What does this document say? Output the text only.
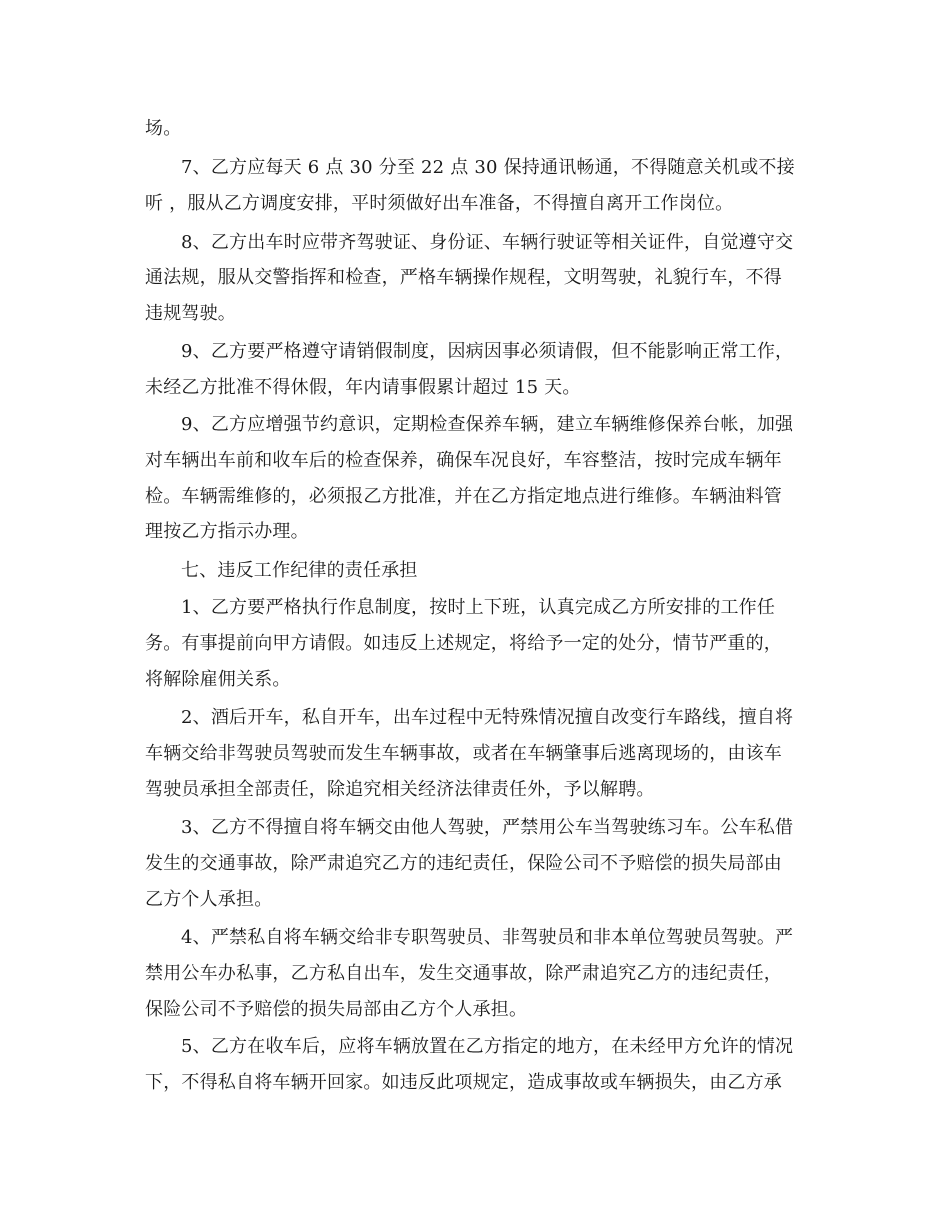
场。
7、乙方应每天 6 点 30 分至 22 点 30 保持通讯畅通，不得随意关机或不接
听 ，服从乙方调度安排，平时须做好出车准备，不得擅自离开工作岗位。
8、乙方出车时应带齐驾驶证、身份证、车辆行驶证等相关证件，自觉遵守交
通法规，服从交警指挥和检查，严格车辆操作规程，文明驾驶，礼貌行车，不得
违规驾驶。
9、乙方要严格遵守请销假制度，因病因事必须请假，但不能影响正常工作，
未经乙方批准不得休假，年内请事假累计超过 15 天。
9、乙方应增强节约意识，定期检查保养车辆，建立车辆维修保养台帐，加强
对车辆出车前和收车后的检查保养，确保车况良好，车容整洁，按时完成车辆年
检。车辆需维修的，必须报乙方批准，并在乙方指定地点进行维修。车辆油料管
理按乙方指示办理。
七、违反工作纪律的责任承担
1、乙方要严格执行作息制度，按时上下班，认真完成乙方所安排的工作任
务。有事提前向甲方请假。如违反上述规定，将给予一定的处分，情节严重的，
将解除雇佣关系。
2、酒后开车，私自开车，出车过程中无特殊情况擅自改变行车路线，擅自将
车辆交给非驾驶员驾驶而发生车辆事故，或者在车辆肇事后逃离现场的，由该车
驾驶员承担全部责任，除追究相关经济法律责任外，予以解聘。
3、乙方不得擅自将车辆交由他人驾驶，严禁用公车当驾驶练习车。公车私借
发生的交通事故，除严肃追究乙方的违纪责任，保险公司不予赔偿的损失局部由
乙方个人承担。
4、严禁私自将车辆交给非专职驾驶员、非驾驶员和非本单位驾驶员驾驶。严
禁用公车办私事，乙方私自出车，发生交通事故，除严肃追究乙方的违纪责任，
保险公司不予赔偿的损失局部由乙方个人承担。
5、乙方在收车后，应将车辆放置在乙方指定的地方，在未经甲方允许的情况
下，不得私自将车辆开回家。如违反此项规定，造成事故或车辆损失，由乙方承
